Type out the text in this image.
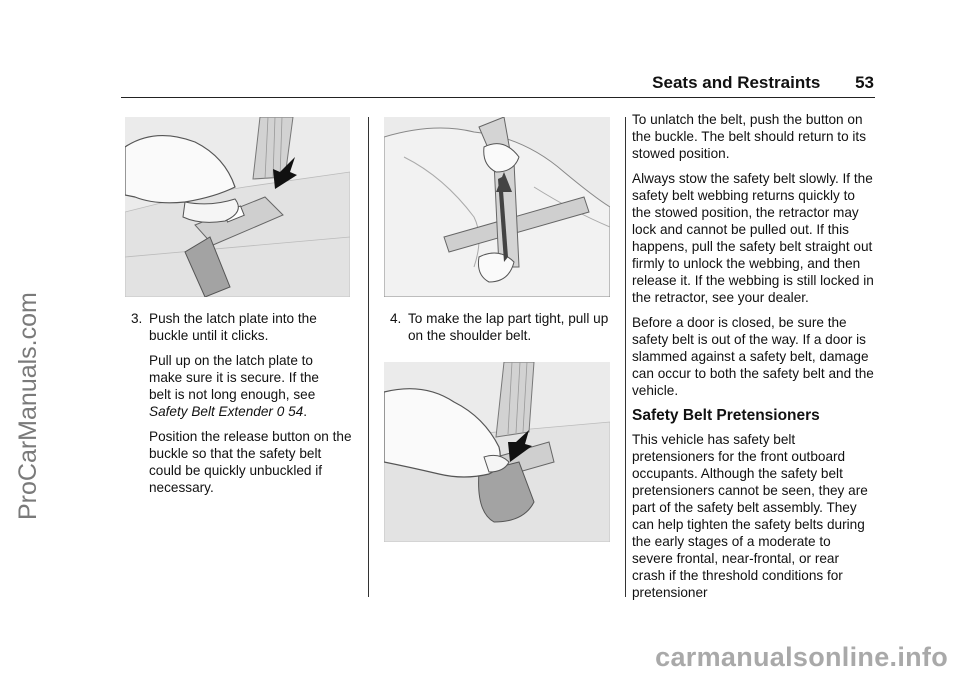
ProCarManuals.com
Seats and Restraints 53
3. Push the latch plate into the buckle until it clicks.

Pull up on the latch plate to
make sure it is secure. If the
belt is not long enough, see
Safety Belt Extender 0 54.

Position the release button on the buckle so that the safety belt could be quickly unbuckled if necessary.

4. To make the lap part tight, pull up on the shoulder belt.

To unlatch the belt, push the button on the buckle. The belt should return to its stowed position.

Always stow the safety belt slowly. If the safety belt webbing returns quickly to the stowed position, the retractor may lock and cannot be pulled out. If this happens, pull the safety belt straight out firmly to unlock the webbing, and then release it. If the webbing is still locked in the retractor, see your dealer.

Before a door is closed, be sure the safety belt is out of the way. If a door is slammed against a safety belt, damage can occur to both the safety belt and the vehicle.

Safety Belt Pretensioners

This vehicle has safety belt pretensioners for the front outboard occupants. Although the safety belt pretensioners cannot be seen, they are part of the safety belt assembly. They can help tighten the safety belts during the early stages of a moderate to severe frontal, near-frontal, or rear crash if the threshold conditions for pretensioner

carmanualsonline.info
